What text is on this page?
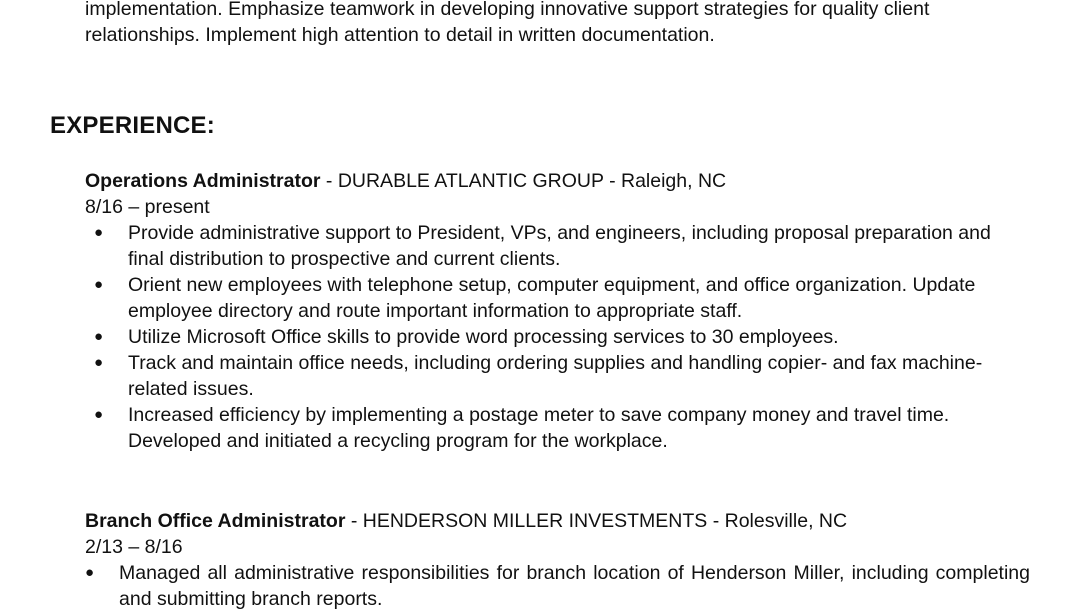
implementation. Emphasize teamwork in developing innovative support strategies for quality client
relationships. Implement high attention to detail in written documentation.

EXPERIENCE:

Operations Administrator - DURABLE ATLANTIC GROUP - Raleigh, NC

8/16 – present

● Provide administrative support to President, VPs, and engineers, including proposal preparation and final distribution to prospective and current clients.
● Orient new employees with telephone setup, computer equipment, and office organization. Update employee directory and route important information to appropriate staff.
● Utilize Microsoft Office skills to provide word processing services to 30 employees.
● Track and maintain office needs, including ordering supplies and handling copier- and fax machine-related issues.
● Increased efficiency by implementing a postage meter to save company money and travel time. Developed and initiated a recycling program for the workplace.

Branch Office Administrator - HENDERSON MILLER INVESTMENTS - Rolesville, NC

2/13 – 8/16

● Managed all administrative responsibilities for branch location of Henderson Miller, including completing and submitting branch reports.
